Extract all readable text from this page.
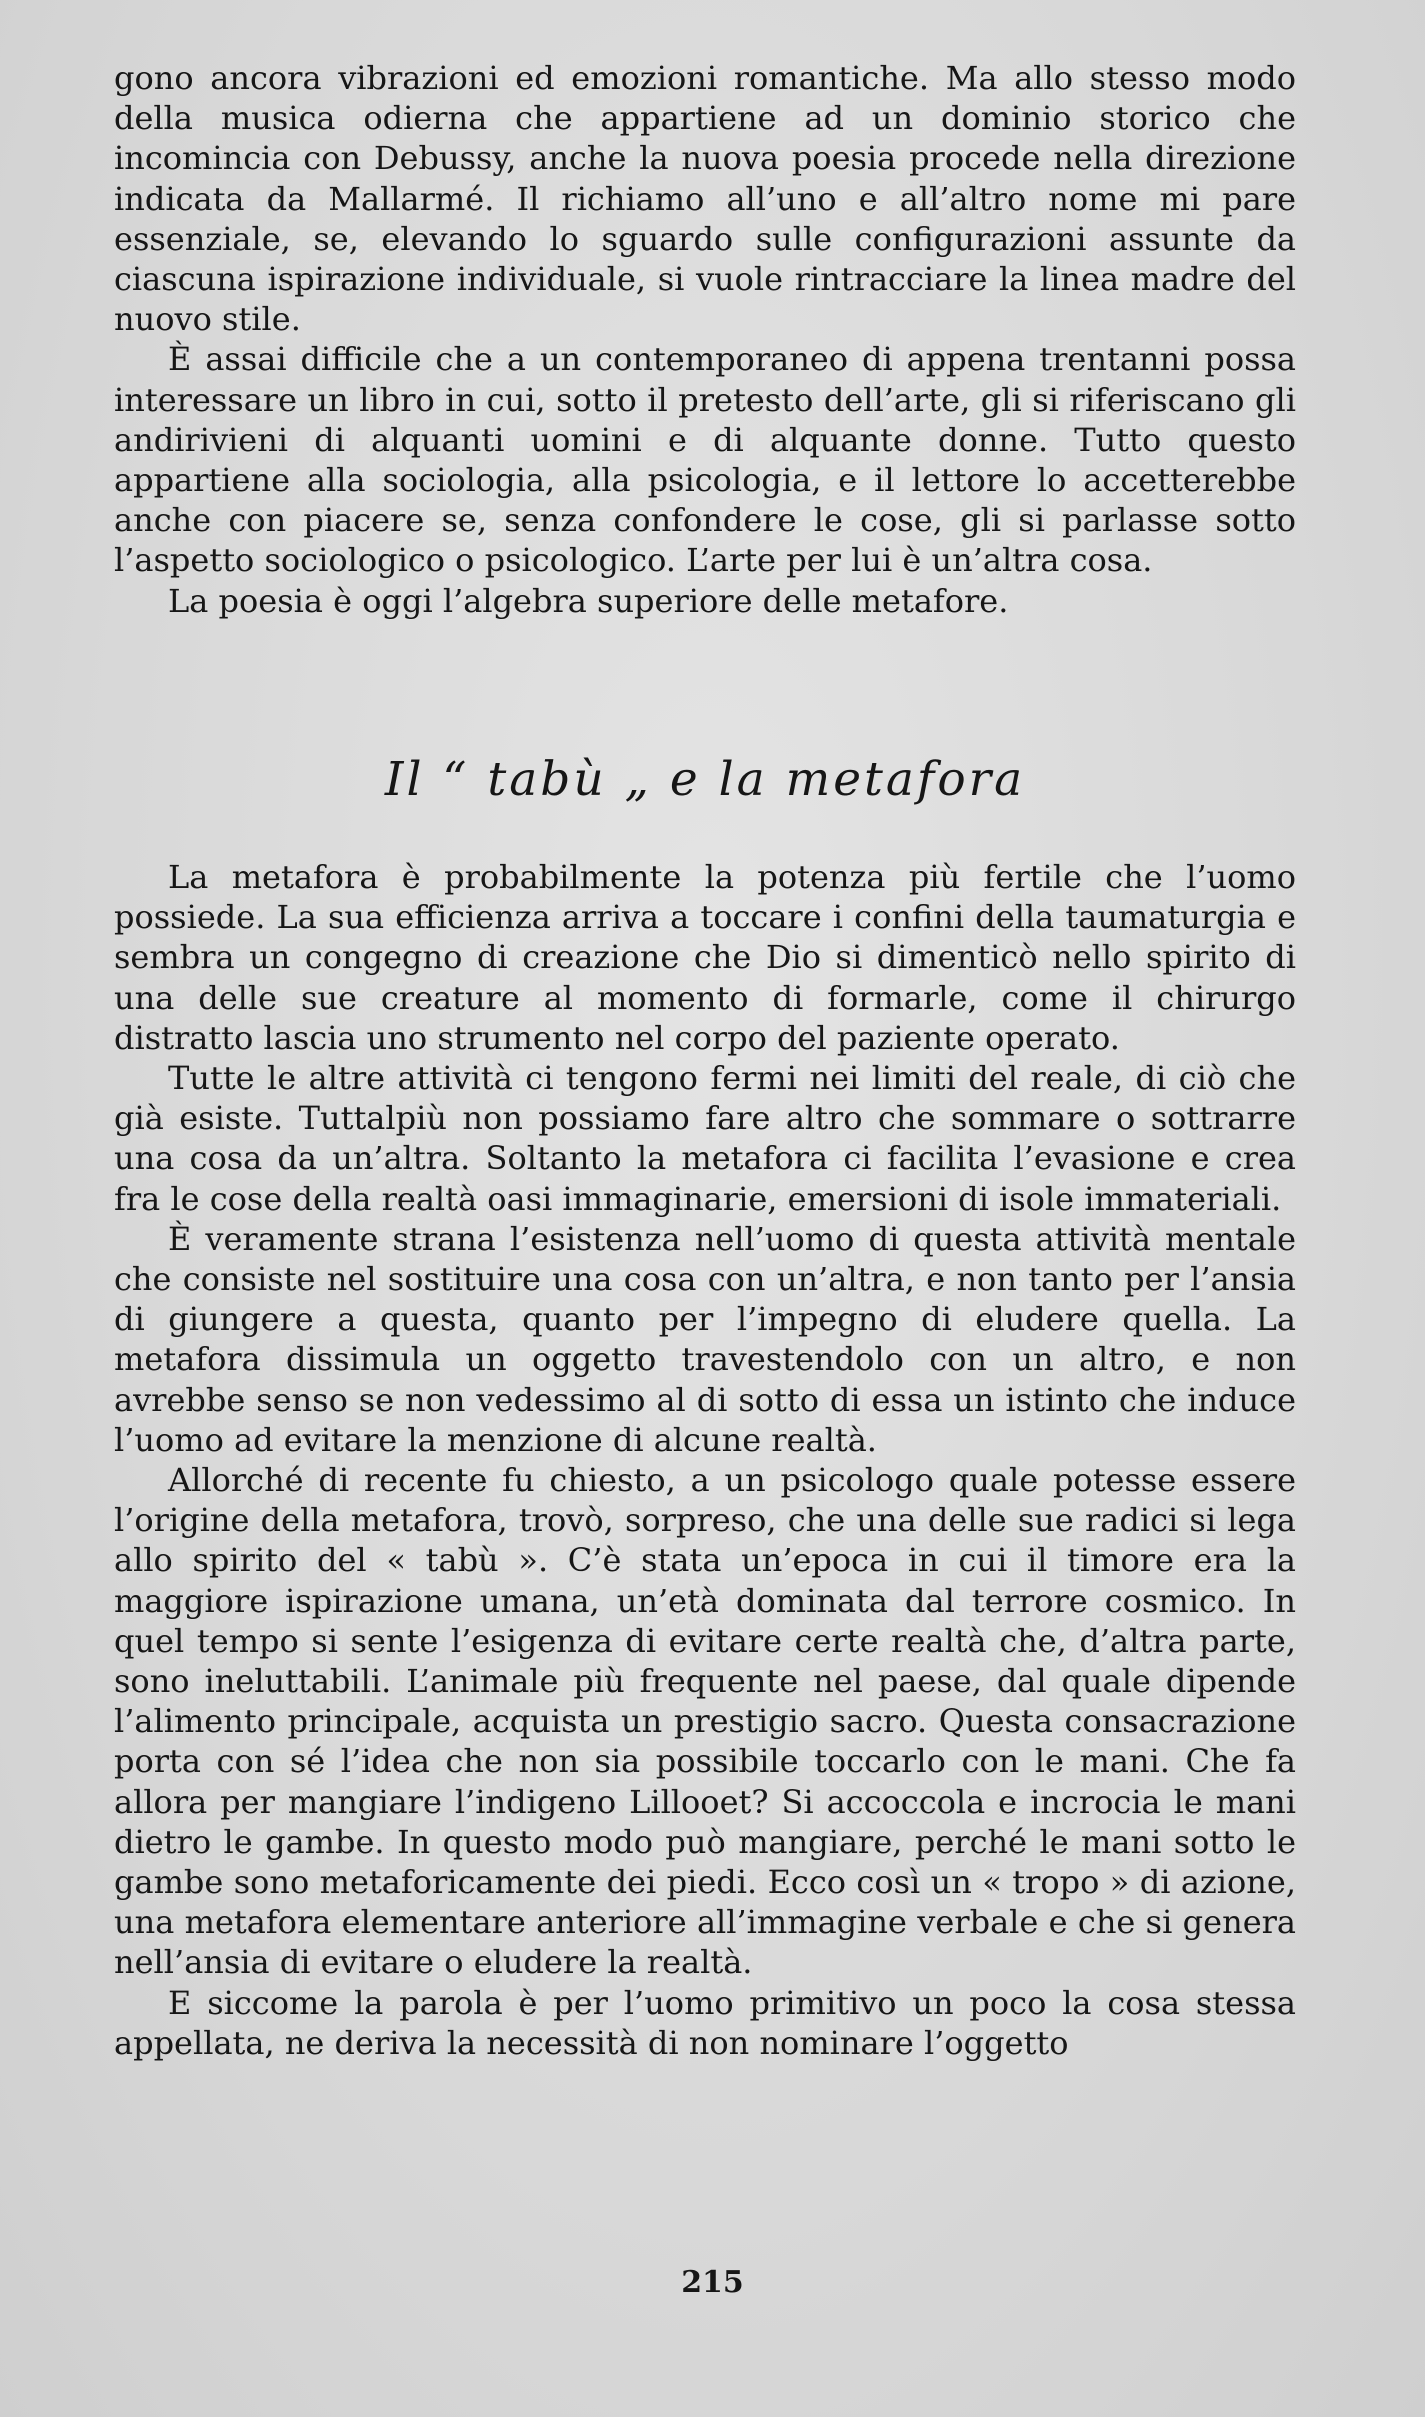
gono ancora vibrazioni ed emozioni romantiche. Ma allo stesso modo della musica odierna che appartiene ad un dominio storico che incomincia con Debussy, anche la nuova poesia procede nella direzione indicata da Mallarmé. Il richiamo all’uno e all’altro nome mi pare essenziale, se, elevando lo sguardo sulle configurazioni assunte da ciascuna ispirazione individuale, si vuole rintracciare la linea madre del nuovo stile.

È assai difficile che a un contemporaneo di appena trentanni possa interessare un libro in cui, sotto il pretesto dell’arte, gli si riferiscano gli andirivieni di alquanti uomini e di alquante donne. Tutto questo appartiene alla sociologia, alla psicologia, e il lettore lo accetterebbe anche con piacere se, senza confondere le cose, gli si parlasse sotto l’aspetto sociologico o psicologico. L’arte per lui è un’altra cosa.

La poesia è oggi l’algebra superiore delle metafore.

Il “ tabù „ e la metafora

La metafora è probabilmente la potenza più fertile che l’uomo possiede. La sua efficienza arriva a toccare i confini della taumaturgia e sembra un congegno di creazione che Dio si dimenticò nello spirito di una delle sue creature al momento di formarle, come il chirurgo distratto lascia uno strumento nel corpo del paziente operato.

Tutte le altre attività ci tengono fermi nei limiti del reale, di ciò che già esiste. Tuttalpiù non possiamo fare altro che sommare o sottrarre una cosa da un’altra. Soltanto la metafora ci facilita l’evasione e crea fra le cose della realtà oasi immaginarie, emersioni di isole immateriali.

È veramente strana l’esistenza nell’uomo di questa attività mentale che consiste nel sostituire una cosa con un’altra, e non tanto per l’ansia di giungere a questa, quanto per l’impegno di eludere quella. La metafora dissimula un oggetto travestendolo con un altro, e non avrebbe senso se non vedessimo al di sotto di essa un istinto che induce l’uomo ad evitare la menzione di alcune realtà.

Allorché di recente fu chiesto, a un psicologo quale potesse essere l’origine della metafora, trovò, sorpreso, che una delle sue radici si lega allo spirito del « tabù ». C’è stata un’epoca in cui il timore era la maggiore ispirazione umana, un’età dominata dal terrore cosmico. In quel tempo si sente l’esigenza di evitare certe realtà che, d’altra parte, sono ineluttabili. L’animale più frequente nel paese, dal quale dipende l’alimento principale, acquista un prestigio sacro. Questa consacrazione porta con sé l’idea che non sia possibile toccarlo con le mani. Che fa allora per mangiare l’indigeno Lillooet? Si accoccola e incrocia le mani dietro le gambe. In questo modo può mangiare, perché le mani sotto le gambe sono metaforicamente dei piedi. Ecco così un « tropo » di azione, una metafora elementare anteriore all’immagine verbale e che si genera nell’ansia di evitare o eludere la realtà.

E siccome la parola è per l’uomo primitivo un poco la cosa stessa appellata, ne deriva la necessità di non nominare l’oggetto

215
